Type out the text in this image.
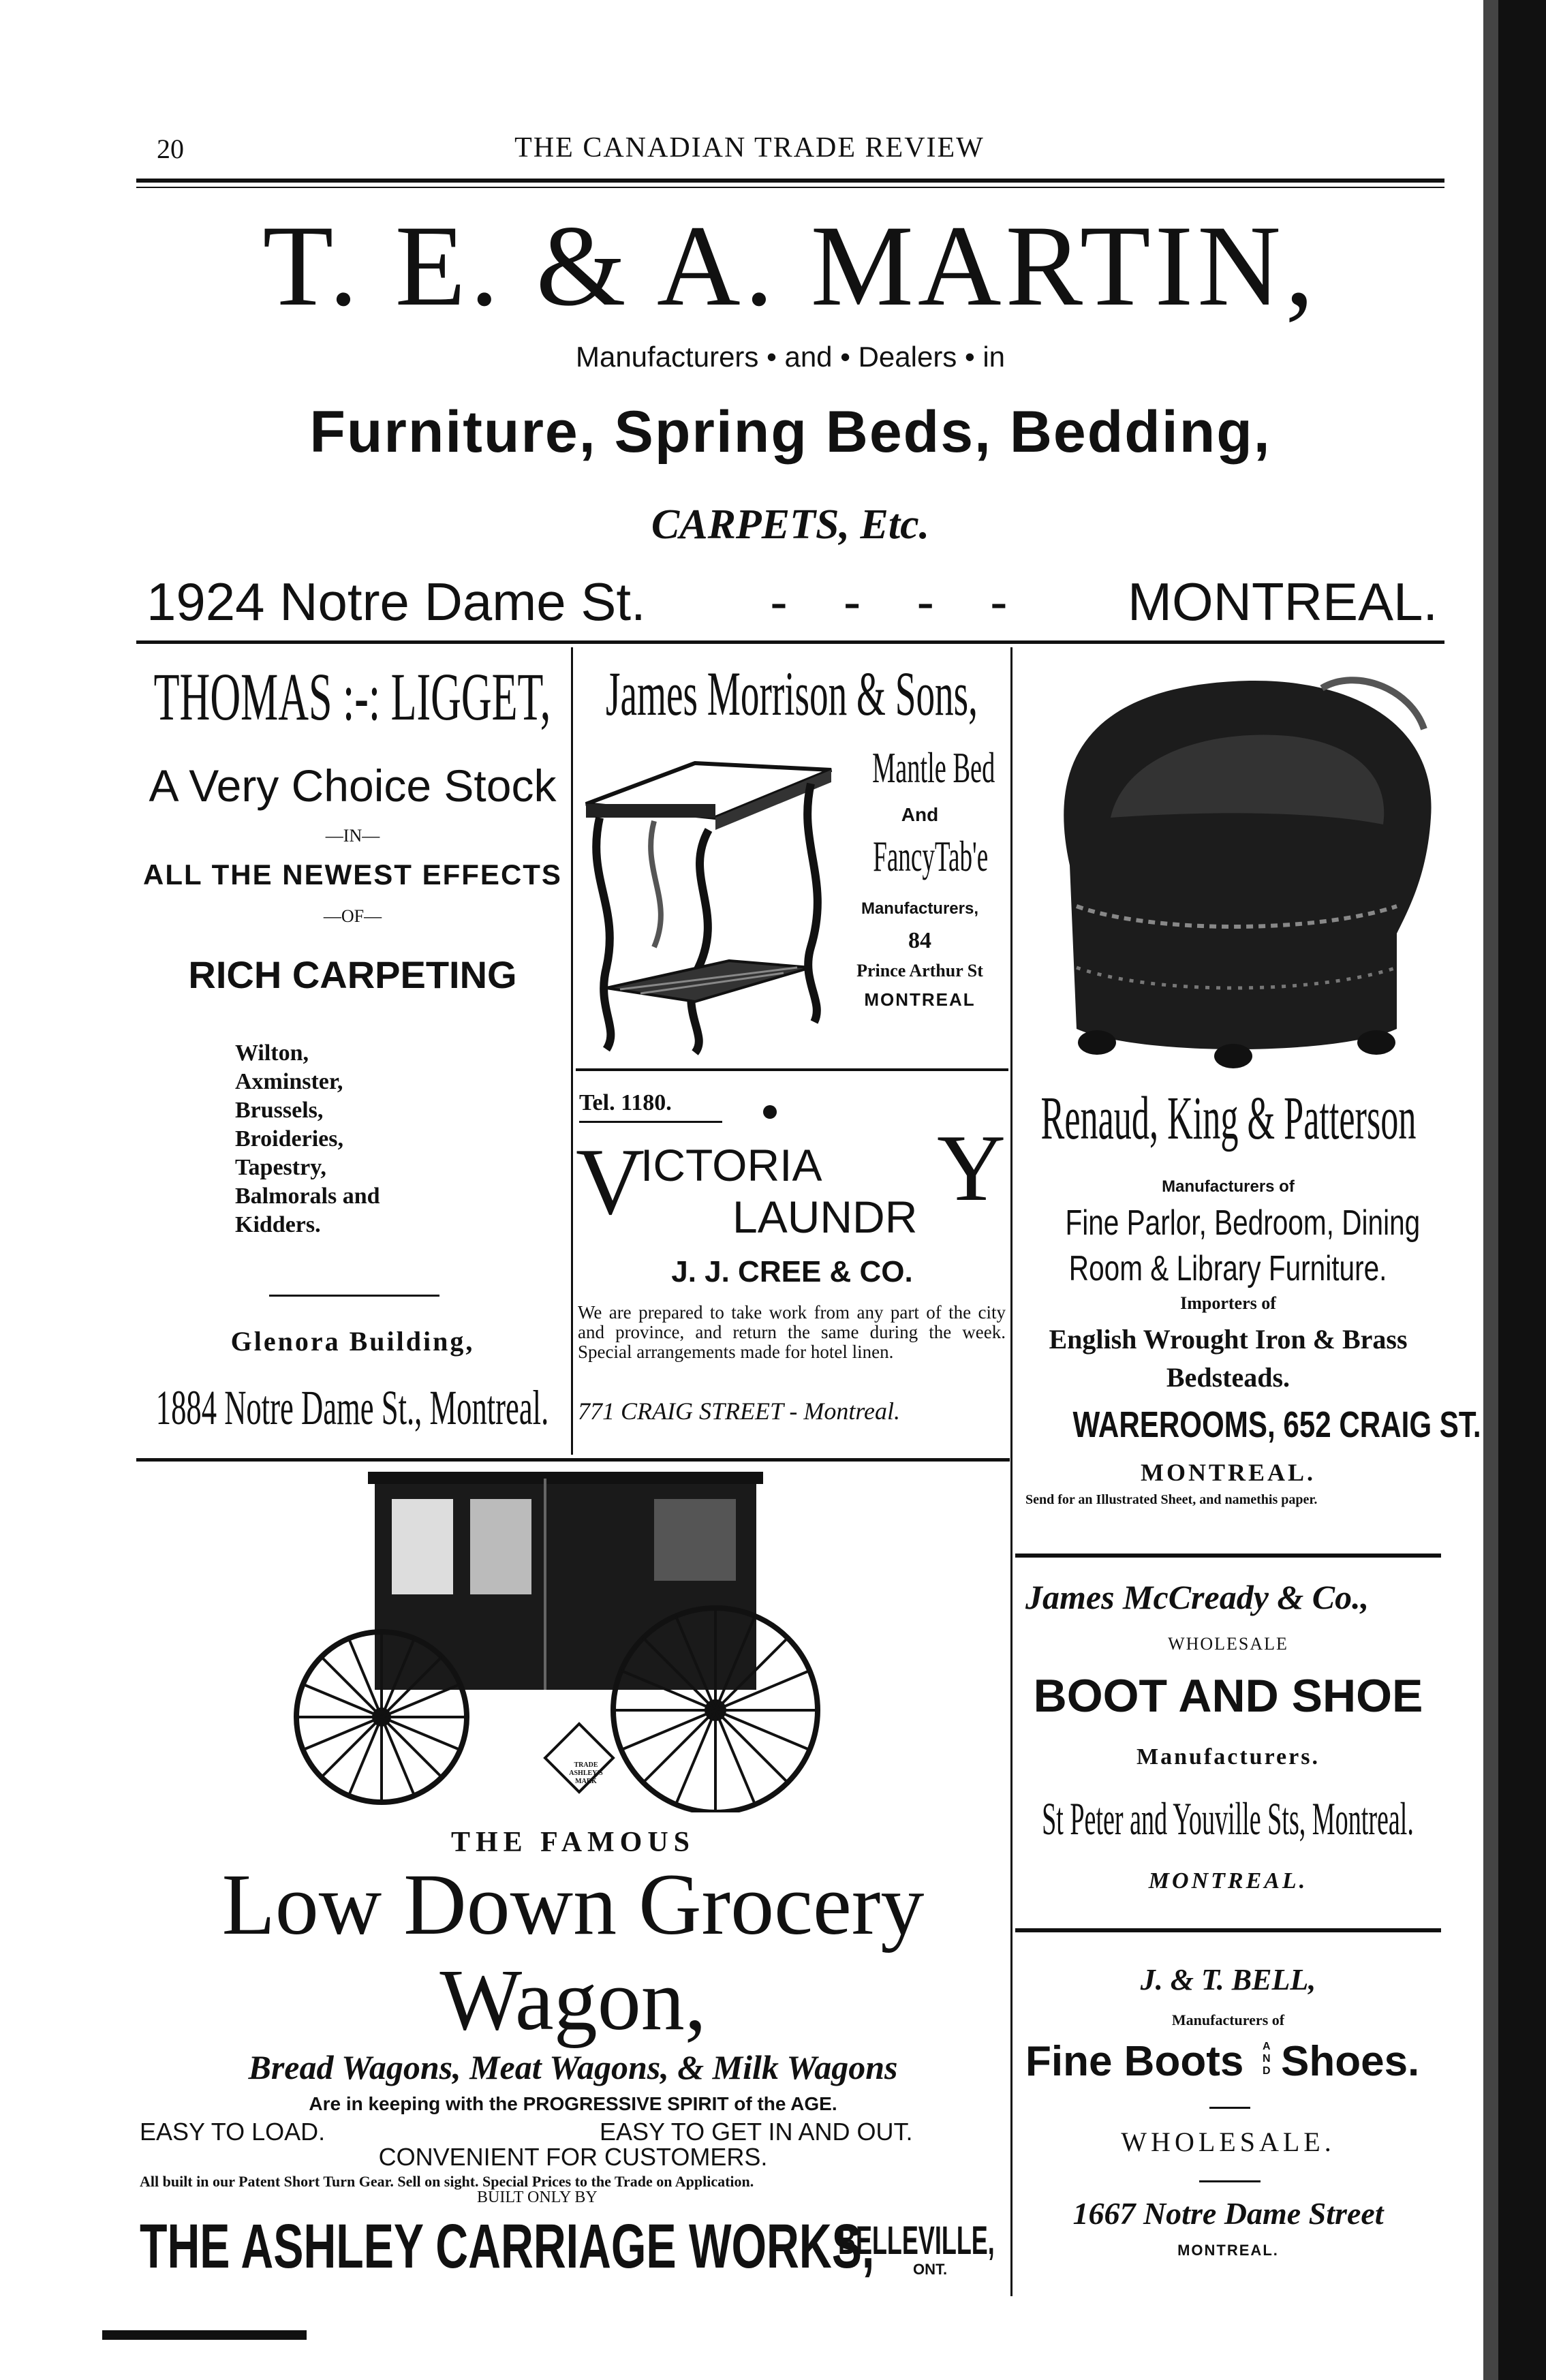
20	THE CANADIAN TRADE REVIEW
T. E. & A. MARTIN,
Manufacturers • and • Dealers • in
Furniture, Spring Beds, Bedding,
CARPETS, Etc.
1924 Notre Dame St. - - - - MONTREAL.
THOMAS :-: LIGGET,
A Very Choice Stock
—IN—
ALL THE NEWEST EFFECTS
—OF—
RICH CARPETING
Wilton,
Axminster,
Brussels,
Broideries,
Tapestry,
Balmorals and
Kidders.
Glenora Building,
1884 Notre Dame St., Montreal.
James Morrison & Sons,
Mantle Bed
And
FancyTab'e
Manufacturers,
84
Prince Arthur St
MONTREAL
Tel. 1180.
V
ICTORIA
LAUNDR Y
J. J. CREE & CO.
We are prepared to take work from any part of the city and province, and return the same during the week. Special arrangements made for hotel linen.
771 CRAIG STREET - Montreal.
Renaud, King & Patterson
Manufacturers of
Fine Parlor, Bedroom, Dining
Room & Library Furniture.
Importers of
English Wrought Iron & Brass
Bedsteads.
WAREROOMS, 652 CRAIG ST.
MONTREAL.
Send for an Illustrated Sheet, and namethis paper.
TRADE ASHLEY'S MARK
THE FAMOUS
Low Down Grocery
Wagon,
Bread Wagons, Meat Wagons, & Milk Wagons
Are in keeping with the PROGRESSIVE SPIRIT of the AGE.
EASY TO LOAD.	EASY TO GET IN AND OUT.
CONVENIENT FOR CUSTOMERS.
All built in our Patent Short Turn Gear. Sell on sight. Special Prices to the Trade on Application.
BUILT ONLY BY
THE ASHLEY CARRIAGE WORKS,
BELLEVILLE,
ONT.
James McCready & Co.,
WHOLESALE
BOOT AND SHOE
Manufacturers.
St Peter and Youville Sts, Montreal.
MONTREAL.
J. & T. BELL,
Manufacturers of
Fine Boots AND Shoes.
WHOLESALE.
1667 Notre Dame Street
MONTREAL.
